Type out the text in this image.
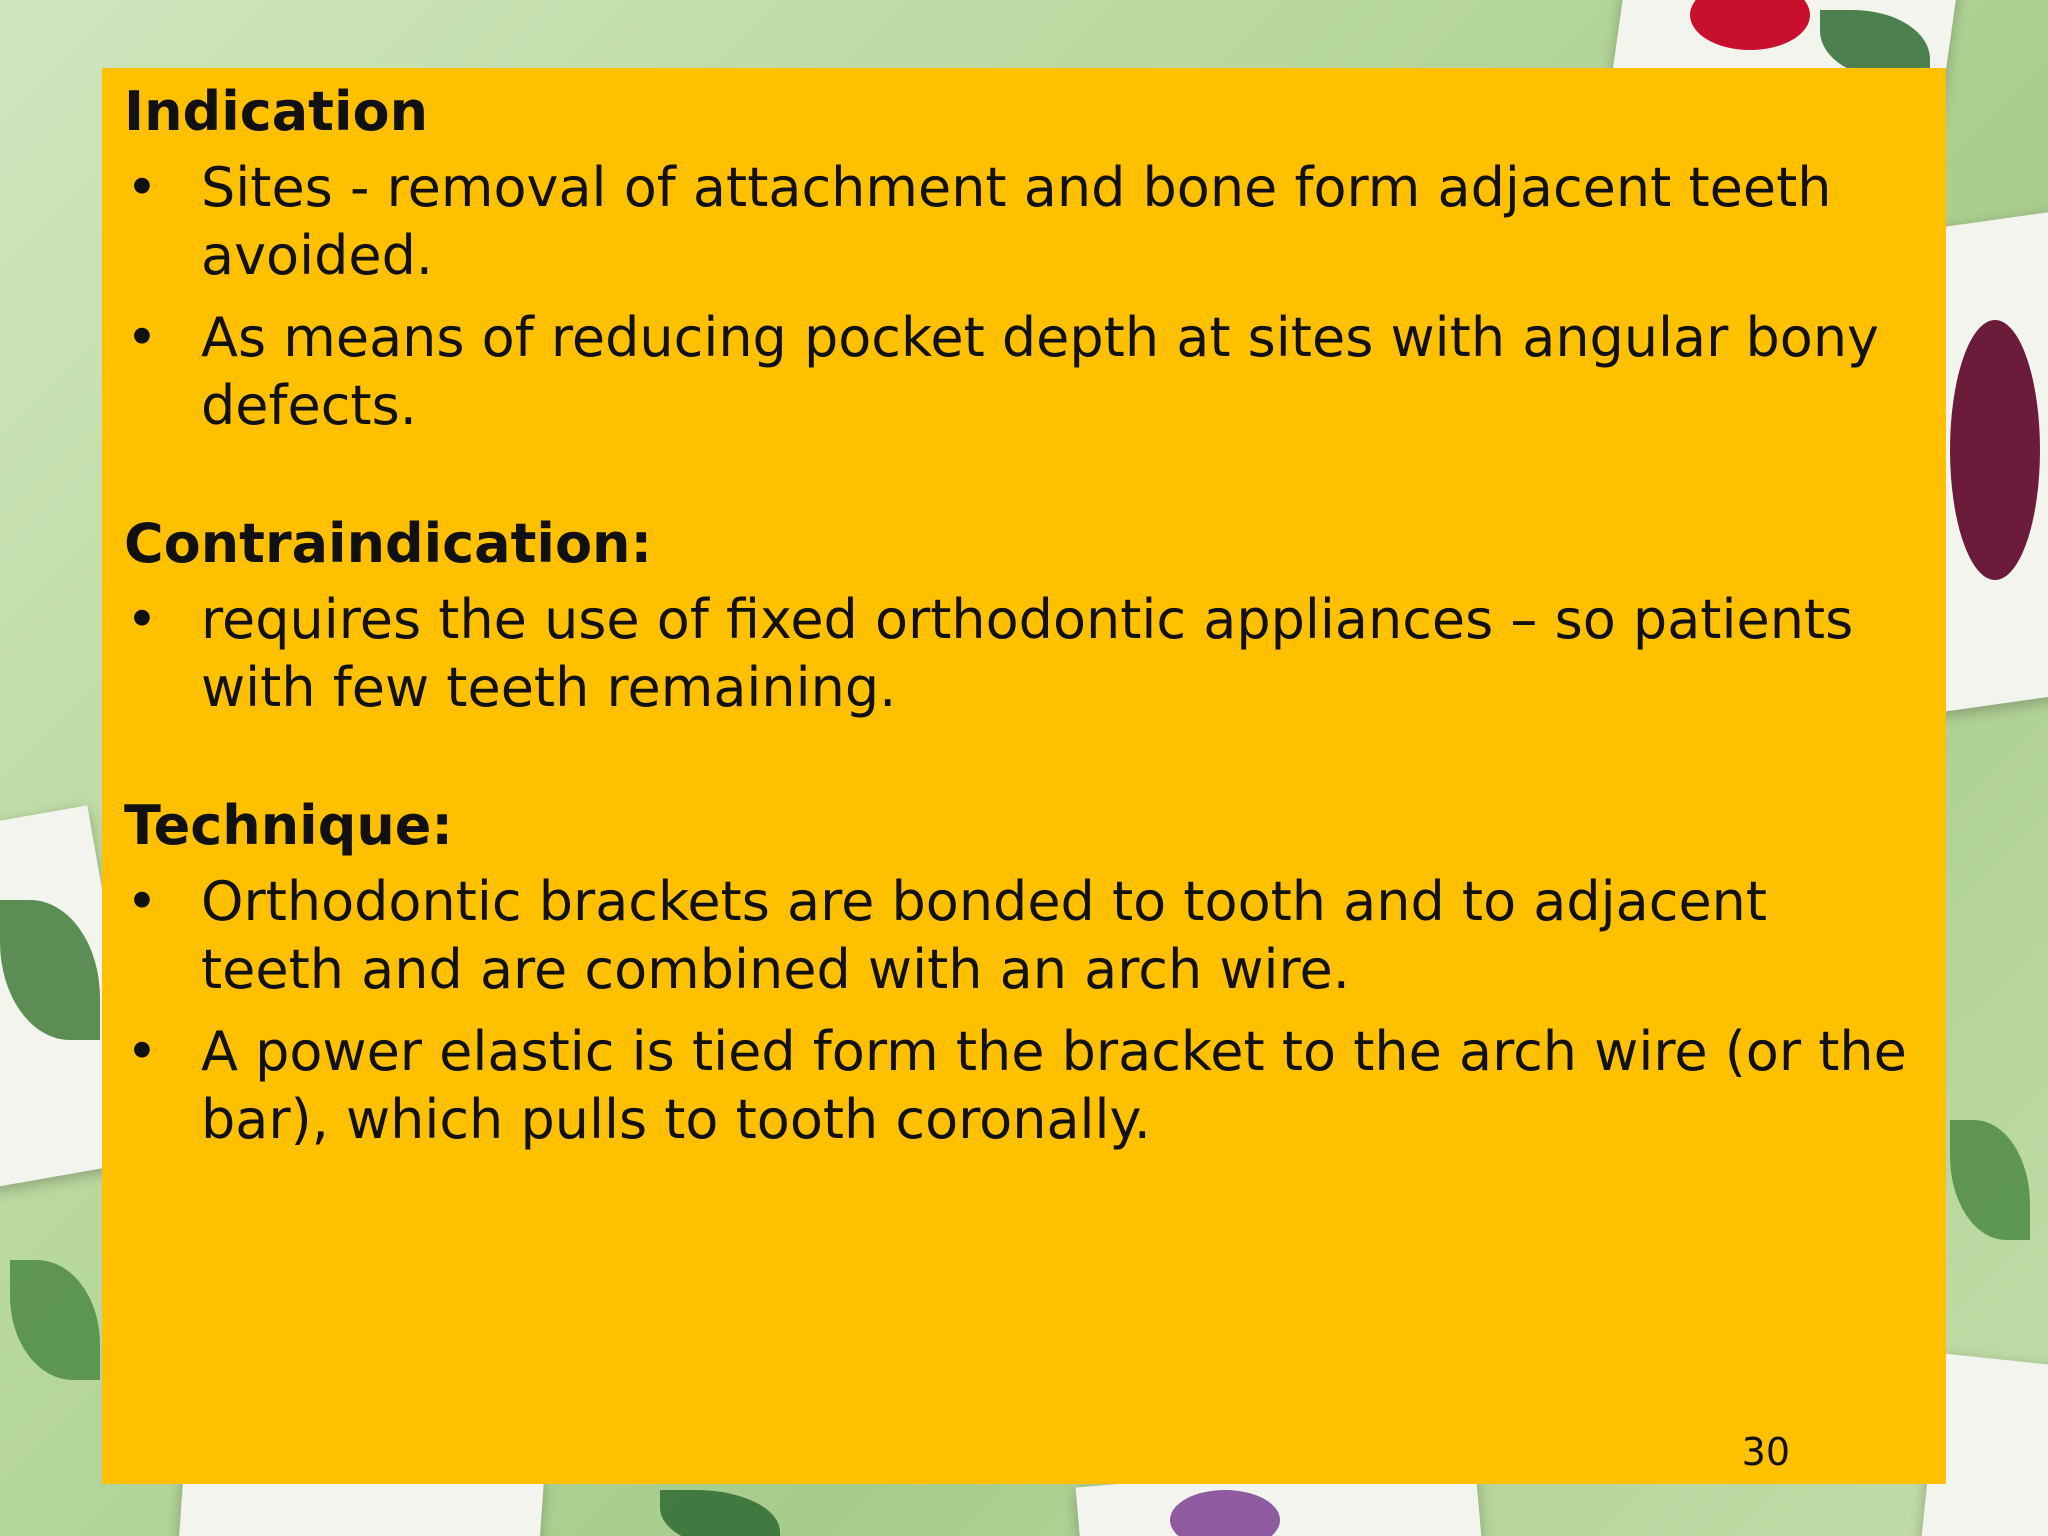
Indication
• Sites - removal of attachment and bone form adjacent teeth avoided.
• As means of reducing pocket depth at sites with angular bony defects.
Contraindication:
• requires the use of fixed orthodontic appliances – so patients with few teeth remaining.
Technique:
• Orthodontic brackets are bonded to tooth and to adjacent teeth and are combined with an arch wire.
• A power elastic is tied form the bracket to the arch wire (or the bar), which pulls to tooth coronally.
30
